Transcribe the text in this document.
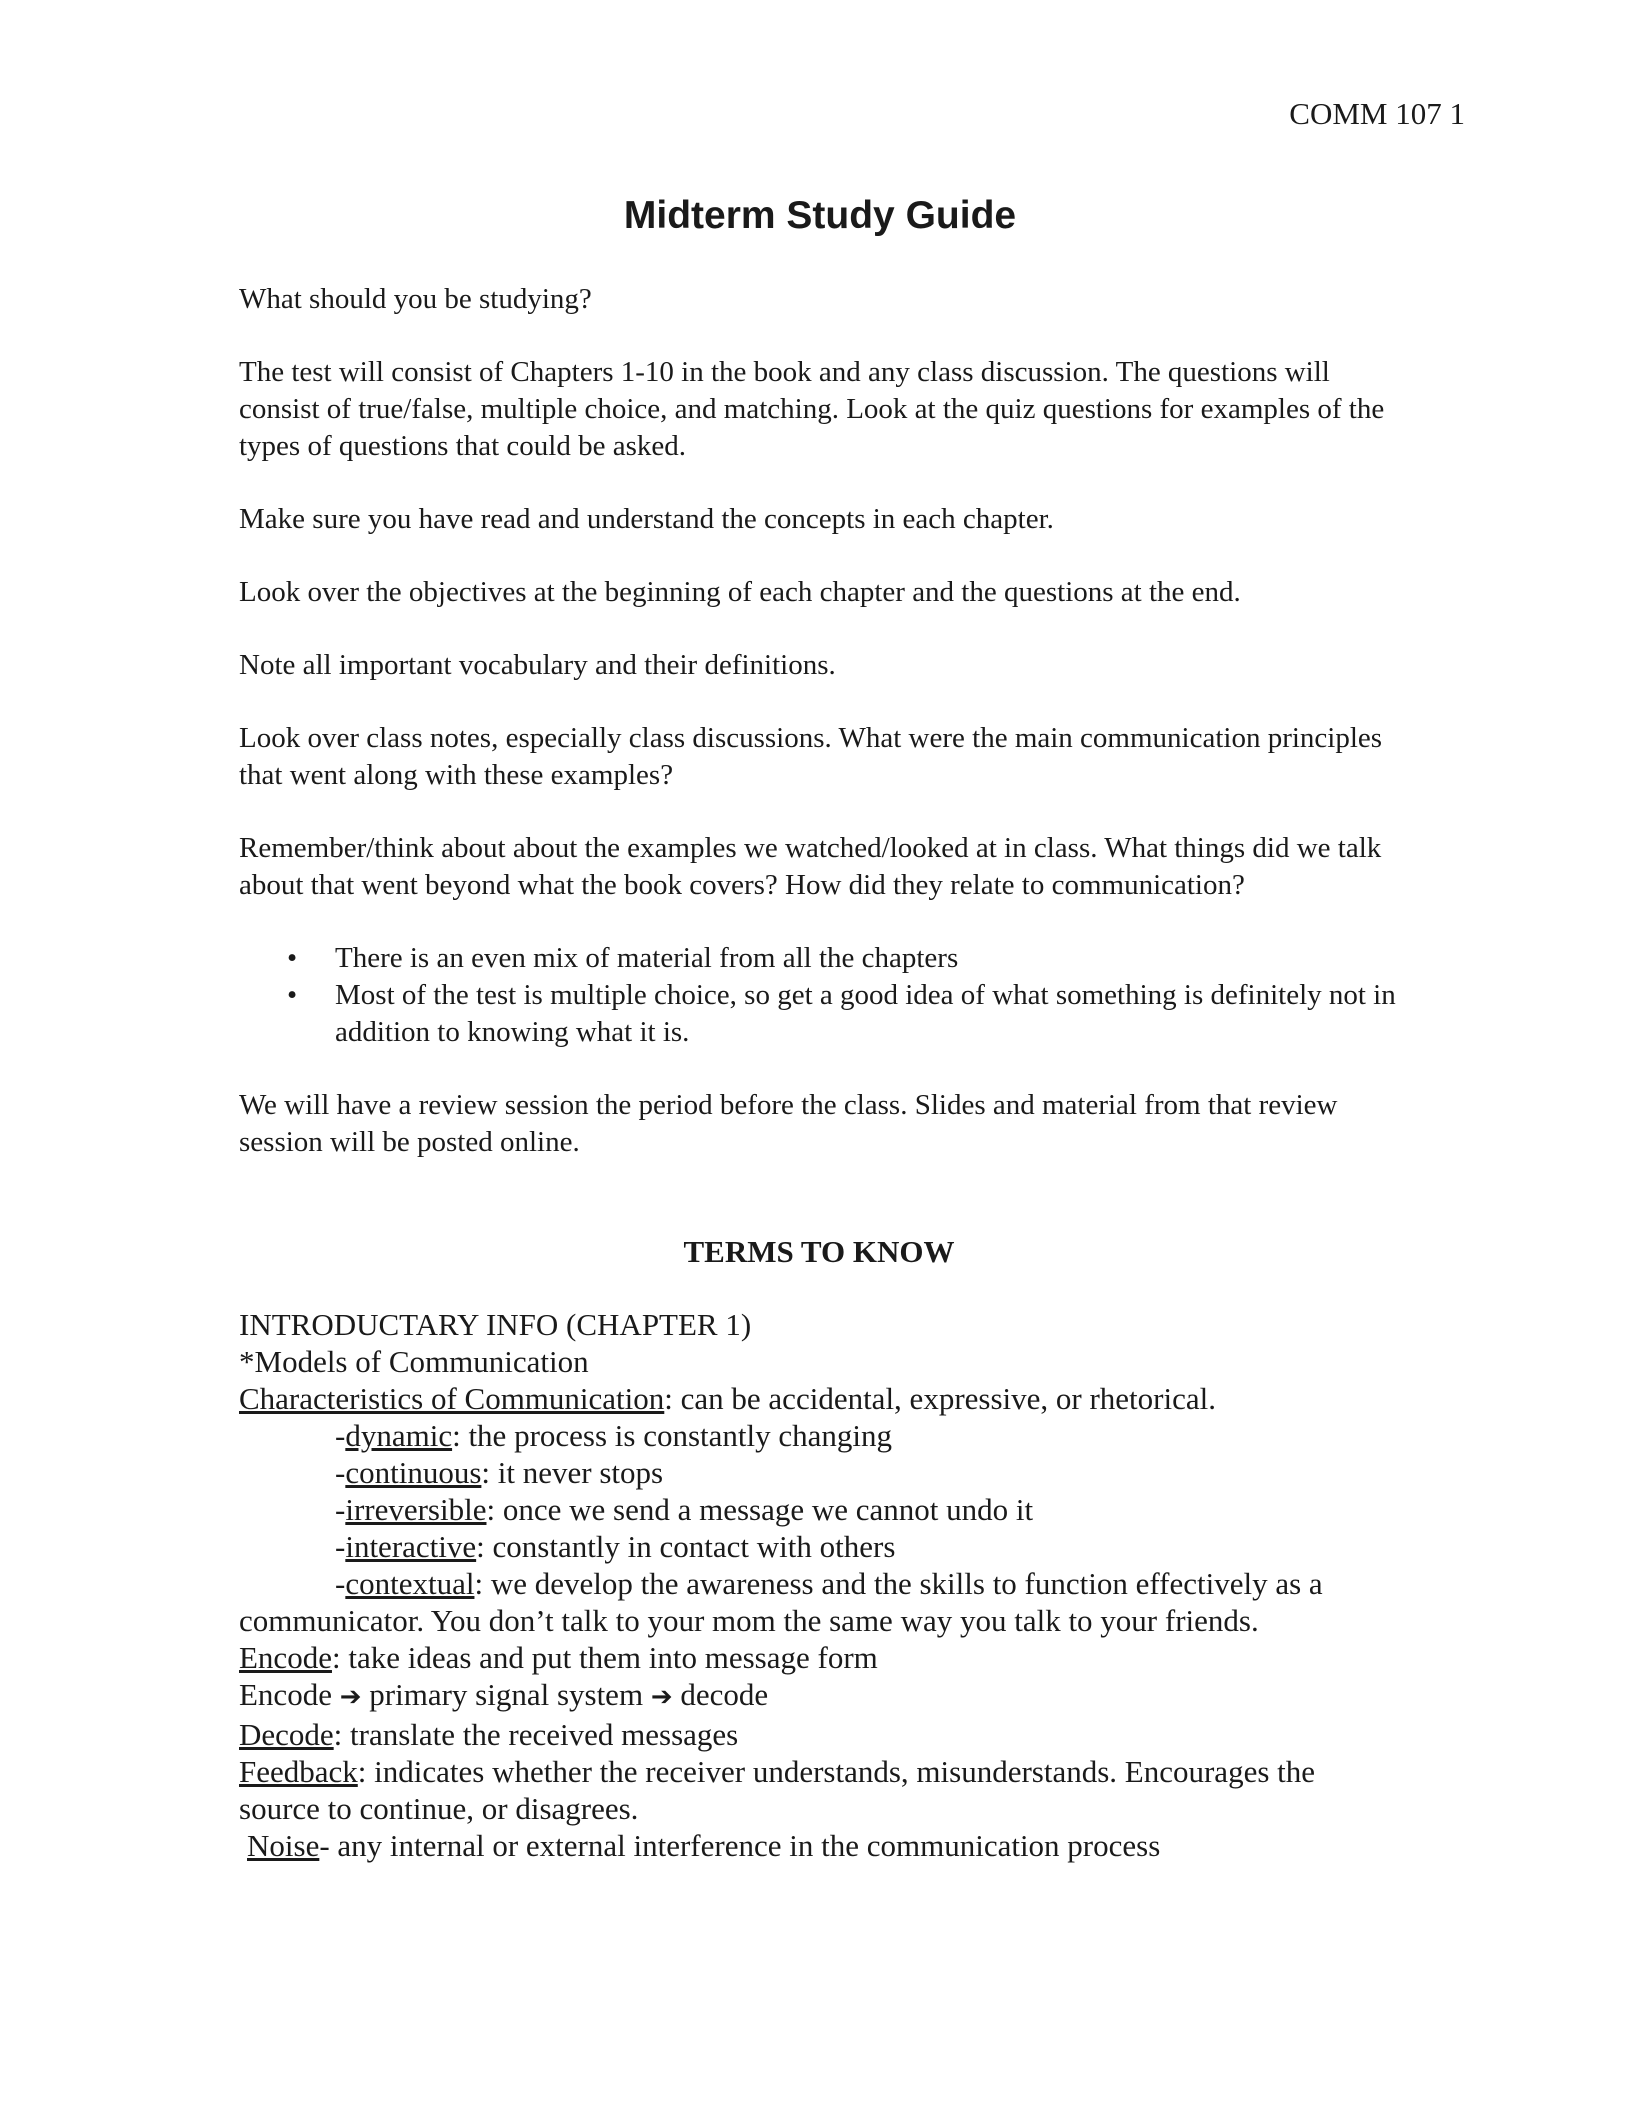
COMM 107 1
Midterm Study Guide

What should you be studying?

The test will consist of Chapters 1-10 in the book and any class discussion. The questions will consist of true/false, multiple choice, and matching. Look at the quiz questions for examples of the types of questions that could be asked.

Make sure you have read and understand the concepts in each chapter.

Look over the objectives at the beginning of each chapter and the questions at the end.

Note all important vocabulary and their definitions.

Look over class notes, especially class discussions. What were the main communication principles that went along with these examples?

Remember/think about about the examples we watched/looked at in class. What things did we talk about that went beyond what the book covers? How did they relate to communication?

• There is an even mix of material from all the chapters
• Most of the test is multiple choice, so get a good idea of what something is definitely not in addition to knowing what it is.

We will have a review session the period before the class. Slides and material from that review session will be posted online.

TERMS TO KNOW
INTRODUCTARY INFO (CHAPTER 1)
*Models of Communication
Characteristics of Communication: can be accidental, expressive, or rhetorical.
-dynamic: the process is constantly changing
-continuous: it never stops
-irreversible: once we send a message we cannot undo it
-interactive: constantly in contact with others
-contextual: we develop the awareness and the skills to function effectively as a communicator. You don’t talk to your mom the same way you talk to your friends.
Encode: take ideas and put them into message form
Encode ➔ primary signal system ➔ decode
Decode: translate the received messages
Feedback: indicates whether the receiver understands, misunderstands. Encourages the source to continue, or disagrees.
Noise- any internal or external interference in the communication process
